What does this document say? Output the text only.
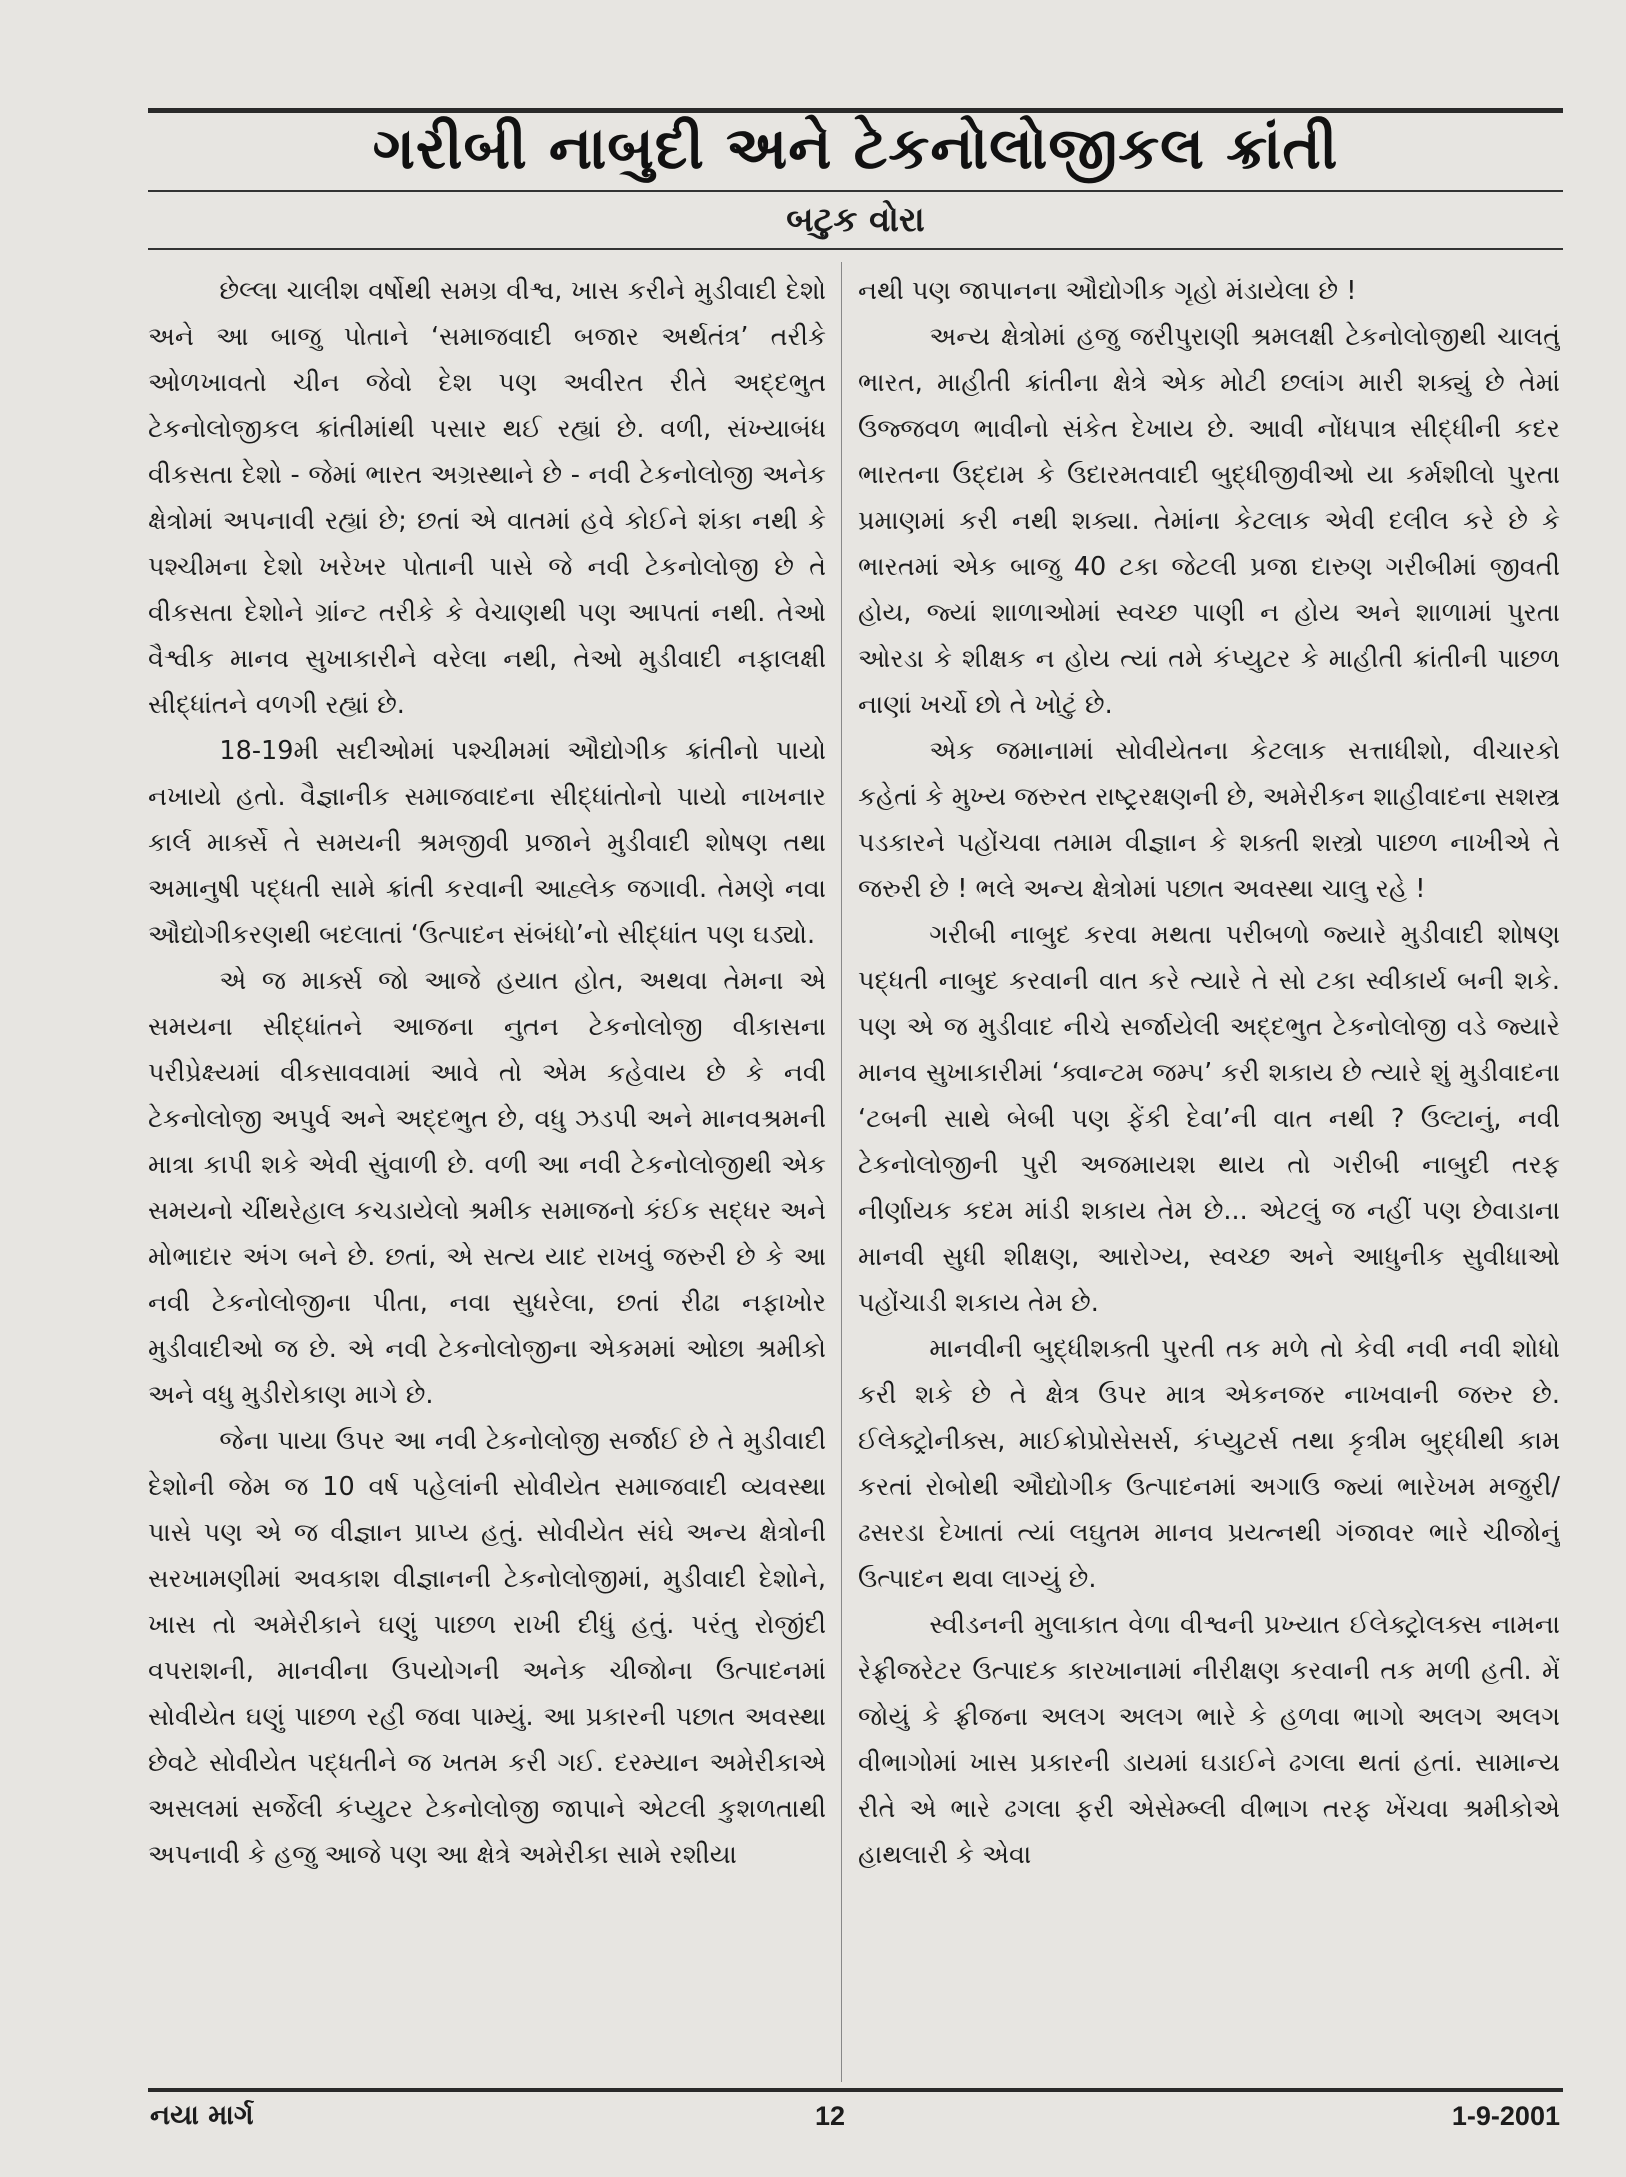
ગરીબી નાબુદી અને ટેકનોલોજીકલ ક્રાંતી
બટુક વોરા

છેલ્લા ચાલીશ વર્ષોથી સમગ્ર વીશ્વ, ખાસ કરીને મુડીવાદી દેશો અને આ બાજુ પોતાને ‘સમાજવાદી બજાર અર્થતંત્ર’ તરીકે ઓળખાવતો ચીન જેવો દેશ પણ અવીરત રીતે અદ્દભુત ટેકનોલોજીકલ ક્રાંતીમાંથી પસાર થઈ રહ્યાં છે. વળી, સંખ્યાબંધ વીકસતા દેશો - જેમાં ભારત અગ્રસ્થાને છે - નવી ટેકનોલોજી અનેક ક્ષેત્રોમાં અપનાવી રહ્યાં છે; છતાં એ વાતમાં હવે કોઈને શંકા નથી કે પશ્ચીમના દેશો ખરેખર પોતાની પાસે જે નવી ટેકનોલોજી છે તે વીકસતા દેશોને ગ્રાંન્ટ તરીકે કે વેચાણથી પણ આપતાં નથી. તેઓ વૈશ્વીક માનવ સુખાકારીને વરેલા નથી, તેઓ મુડીવાદી નફાલક્ષી સીદ્ધાંતને વળગી રહ્યાં છે.

18-19મી સદીઓમાં પશ્ચીમમાં ઔદ્યોગીક ક્રાંતીનો પાયો નખાયો હતો. વૈજ્ઞાનીક સમાજવાદના સીદ્ધાંતોનો પાયો નાખનાર કાર્લ માર્ક્સે તે સમયની શ્રમજીવી પ્રજાને મુડીવાદી શોષણ તથા અમાનુષી પદ્ધતી સામે ક્રાંતી કરવાની આહ્લેક જગાવી. તેમણે નવા ઔદ્યોગીકરણથી બદલાતાં ‘ઉત્પાદન સંબંધો’નો સીદ્ધાંત પણ ઘડ્યો.

એ જ માર્ક્સ જો આજે હયાત હોત, અથવા તેમના એ સમયના સીદ્ધાંતને આજના નુતન ટેકનોલોજી વીકાસના પરીપ્રેક્ષ્યમાં વીકસાવવામાં આવે તો એમ કહેવાય છે કે નવી ટેકનોલોજી અપુર્વ અને અદ્દભુત છે, વધુ ઝડપી અને માનવશ્રમની માત્રા કાપી શકે એવી સુંવાળી છે. વળી આ નવી ટેકનોલોજીથી એક સમયનો ચીંથરેહાલ કચડાયેલો શ્રમીક સમાજનો કંઈક સદ્ધર અને મોભાદાર અંગ બને છે. છતાં, એ સત્ય યાદ રાખવું જરુરી છે કે આ નવી ટેકનોલોજીના પીતા, નવા સુધરેલા, છતાં રીઢા નફાખોર મુડીવાદીઓ જ છે. એ નવી ટેકનોલોજીના એકમમાં ઓછા શ્રમીકો અને વધુ મુડીરોકાણ માગે છે.

જેના પાયા ઉપર આ નવી ટેકનોલોજી સર્જાઈ છે તે મુડીવાદી દેશોની જેમ જ 10 વર્ષ પહેલાંની સોવીયેત સમાજવાદી વ્યવસ્થા પાસે પણ એ જ વીજ્ઞાન પ્રાપ્ય હતું. સોવીયેત સંઘે અન્ય ક્ષેત્રોની સરખામણીમાં અવકાશ વીજ્ઞાનની ટેકનોલોજીમાં, મુડીવાદી દેશોને, ખાસ તો અમેરીકાને ઘણું પાછળ રાખી દીધું હતું. પરંતુ રોજીંદી વપરાશની, માનવીના ઉપયોગની અનેક ચીજોના ઉત્પાદનમાં સોવીયેત ઘણું પાછળ રહી જવા પામ્યું. આ પ્રકારની પછાત અવસ્થા છેવટે સોવીયેત પદ્ધતીને જ ખતમ કરી ગઈ. દરમ્યાન અમેરીકાએ અસલમાં સર્જેલી કંપ્યુટર ટેકનોલોજી જાપાને એટલી કુશળતાથી અપનાવી કે હજુ આજે પણ આ ક્ષેત્રે અમેરીકા સામે રશીયા

નથી પણ જાપાનના ઔદ્યોગીક ગૃહો મંડાયેલા છે !

અન્ય ક્ષેત્રોમાં હજુ જરીપુરાણી શ્રમલક્ષી ટેકનોલોજીથી ચાલતું ભારત, માહીતી ક્રાંતીના ક્ષેત્રે એક મોટી છલાંગ મારી શક્યું છે તેમાં ઉજ્જવળ ભાવીનો સંકેત દેખાય છે. આવી નોંધપાત્ર સીદ્ધીની કદર ભારતના ઉદ્દામ કે ઉદારમતવાદી બુદ્ધીજીવીઓ યા કર્મશીલો પુરતા પ્રમાણમાં કરી નથી શક્યા. તેમાંના કેટલાક એવી દલીલ કરે છે કે ભારતમાં એક બાજુ 40 ટકા જેટલી પ્રજા દારુણ ગરીબીમાં જીવતી હોય, જ્યાં શાળાઓમાં સ્વચ્છ પાણી ન હોય અને શાળામાં પુરતા ઓરડા કે શીક્ષક ન હોય ત્યાં તમે કંપ્યુટર કે માહીતી ક્રાંતીની પાછળ નાણાં ખર્ચો છો તે ખોટું છે.

એક જમાનામાં સોવીયેતના કેટલાક સત્તાધીશો, વીચારકો કહેતાં કે મુખ્ય જરુરત રાષ્ટ્રરક્ષણની છે, અમેરીકન શાહીવાદના સશસ્ત્ર પડકારને પહોંચવા તમામ વીજ્ઞાન કે શક્તી શસ્ત્રો પાછળ નાખીએ તે જરુરી છે ! ભલે અન્ય ક્ષેત્રોમાં પછાત અવસ્થા ચાલુ રહે !

ગરીબી નાબુદ કરવા મથતા પરીબળો જ્યારે મુડીવાદી શોષણ પદ્ધતી નાબુદ કરવાની વાત કરે ત્યારે તે સો ટકા સ્વીકાર્ય બની શકે. પણ એ જ મુડીવાદ નીચે સર્જાયેલી અદ્દભુત ટેકનોલોજી વડે જ્યારે માનવ સુખાકારીમાં ‘ક્વાન્ટમ જમ્પ’ કરી શકાય છે ત્યારે શું મુડીવાદના ‘ટબની સાથે બેબી પણ ફેંકી દેવા’ની વાત નથી ? ઉલ્ટાનું, નવી ટેકનોલોજીની પુરી અજમાયશ થાય તો ગરીબી નાબુદી તરફ નીર્ણાયક કદમ માંડી શકાય તેમ છે... એટલું જ નહીં પણ છેવાડાના માનવી સુધી શીક્ષણ, આરોગ્ય, સ્વચ્છ અને આધુનીક સુવીધાઓ પહોંચાડી શકાય તેમ છે.

માનવીની બુદ્ધીશક્તી પુરતી તક મળે તો કેવી નવી નવી શોધો કરી શકે છે તે ક્ષેત્ર ઉપર માત્ર એકનજર નાખવાની જરુર છે. ઈલેક્ટ્રોનીક્સ, માઈક્રોપ્રોસેસર્સ, કંપ્યુટર્સ તથા કૃત્રીમ બુદ્ધીથી કામ કરતાં રોબોથી ઔદ્યોગીક ઉત્પાદનમાં અગાઉ જ્યાં ભારેખમ મજુરી/ઢસરડા દેખાતાં ત્યાં લઘુતમ માનવ પ્રયત્નથી ગંજાવર ભારે ચીજોનું ઉત્પાદન થવા લાગ્યું છે.

સ્વીડનની મુલાકાત વેળા વીશ્વની પ્રખ્યાત ઈલેક્ટ્રોલક્સ નામના રેફ્રીજરેટર ઉત્પાદક કારખાનામાં નીરીક્ષણ કરવાની તક મળી હતી. મેં જોયું કે ફ્રીજના અલગ અલગ ભારે કે હળવા ભાગો અલગ અલગ વીભાગોમાં ખાસ પ્રકારની ડાયમાં ઘડાઈને ઢગલા થતાં હતાં. સામાન્ય રીતે એ ભારે ઢગલા ફરી એસેમ્બ્લી વીભાગ તરફ ખેંચવા શ્રમીકોએ હાથલારી કે એવા

નયા માર્ગ	12	1-9-2001
